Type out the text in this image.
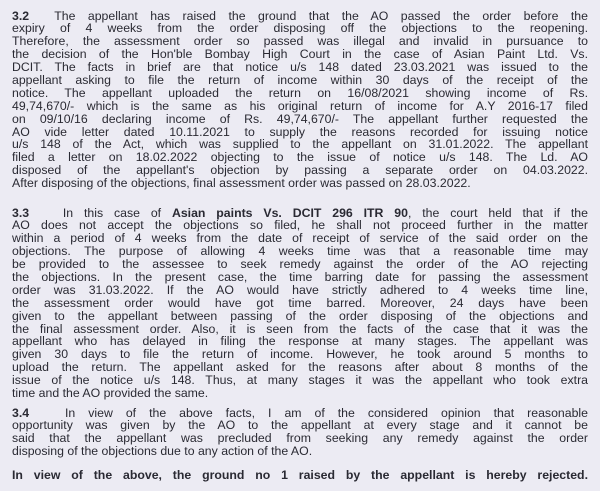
3.2 The appellant has raised the ground that the AO passed the order before the
expiry of 4 weeks from the order disposing off the objections to the reopening.
Therefore, the assessment order so passed was illegal and invalid in pursuance to
the decision of the Hon'ble Bombay High Court in the case of Asian Paint Ltd. Vs.
DCIT. The facts in brief are that notice u/s 148 dated 23.03.2021 was issued to the
appellant asking to file the return of income within 30 days of the receipt of the
notice. The appellant uploaded the return on 16/08/2021 showing income of Rs.
49,74,670/- which is the same as his original return of income for A.Y 2016-17 filed
on 09/10/16 declaring income of Rs. 49,74,670/- The appellant further requested the
AO vide letter dated 10.11.2021 to supply the reasons recorded for issuing notice
u/s 148 of the Act, which was supplied to the appellant on 31.01.2022. The appellant
filed a letter on 18.02.2022 objecting to the issue of notice u/s 148. The Ld. AO
disposed of the appellant's objection by passing a separate order on 04.03.2022.
After disposing of the objections, final assessment order was passed on 28.03.2022.
3.3	In this case of Asian paints Vs. DCIT 296 ITR 90, the court held that if the
AO does not accept the objections so filed, he shall not proceed further in the matter
within a period of 4 weeks from the date of receipt of service of the said order on the
objections. The purpose of allowing 4 weeks time was that a reasonable time may
be provided to the assessee to seek remedy against the order of the AO rejecting
the objections. In the present case, the time barring date for passing the assessment
order was 31.03.2022. If the AO would have strictly adhered to 4 weeks time line,
the assessment order would have got time barred. Moreover, 24 days have been
given to the appellant between passing of the order disposing of the objections and
the final assessment order. Also, it is seen from the facts of the case that it was the
appellant who has delayed in filing the response at many stages. The appellant was
given 30 days to file the return of income. However, he took around 5 months to
upload the return. The appellant asked for the reasons after about 8 months of the
issue of the notice u/s 148. Thus, at many stages it was the appellant who took extra
time and the AO provided the same.
3.4	In view of the above facts, I am of the considered opinion that reasonable
opportunity was given by the AO to the appellant at every stage and it cannot be
said that the appellant was precluded from seeking any remedy against the order
disposing of the objections due to any action of the AO.
In view of the above, the ground no 1 raised by the appellant is hereby rejected.
